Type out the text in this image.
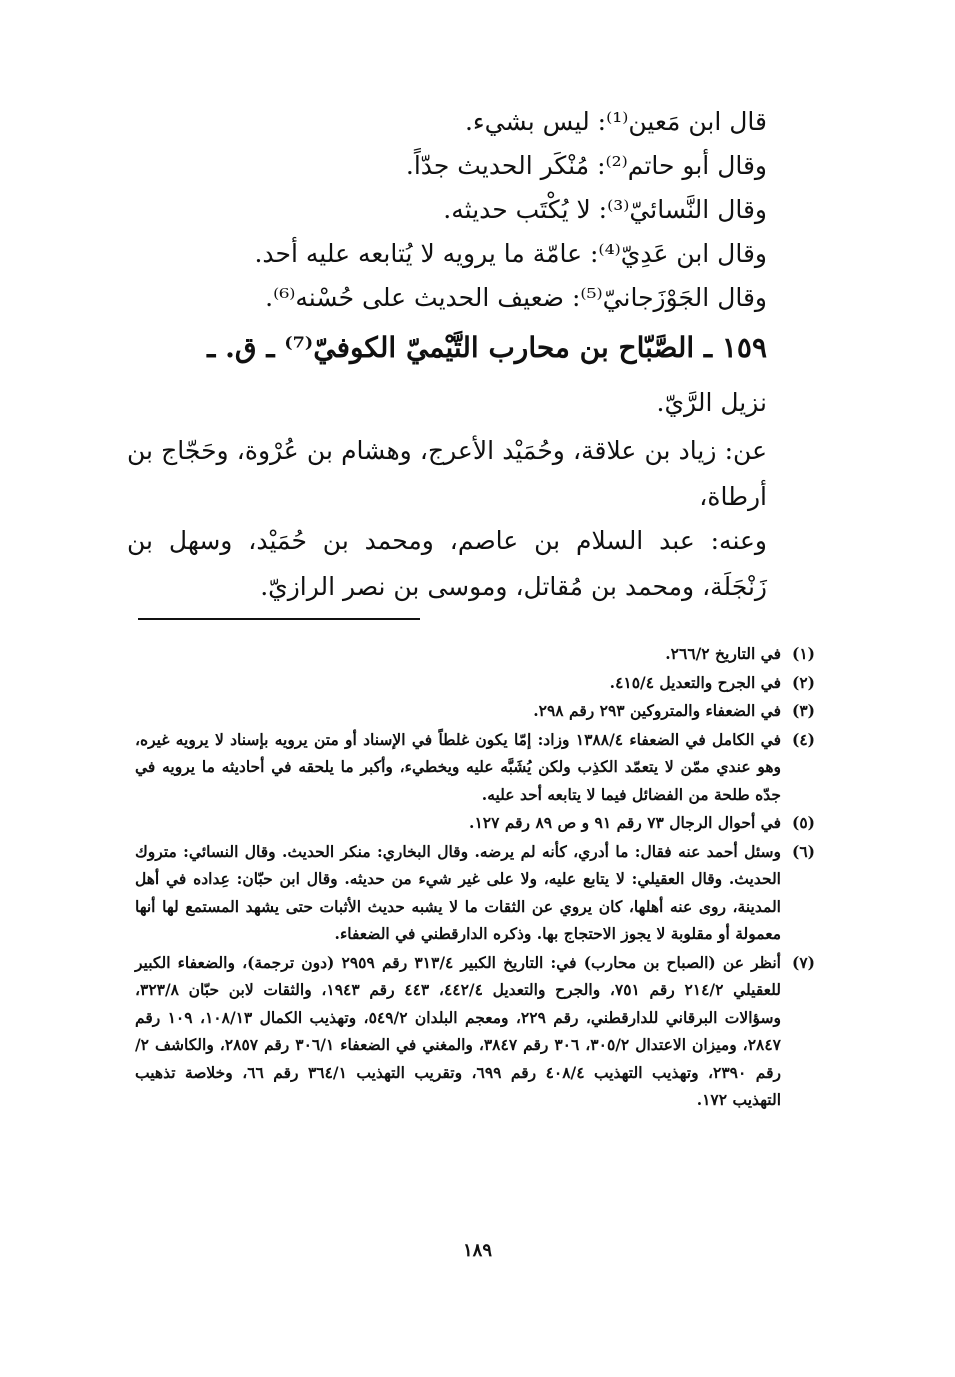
قال ابن مَعين⁽¹⁾: ليس بشيء.
وقال أبو حاتم⁽²⁾: مُنْكَر الحديث جدّاً.
وقال النَّسائيّ⁽³⁾: لا يُكْتَب حديثه.
وقال ابن عَدِيّ⁽⁴⁾: عامّة ما يرويه لا يُتابعه عليه أحد.
وقال الجَوْزَجانيّ⁽⁵⁾: ضعيف الحديث على حُسْنه⁽⁶⁾.
١٥٩ ـ الصَّبّاح بن محارب التَّيْميّ الكوفيّ⁽⁷⁾ ـ ق. ـ
نزيل الرَّيّ.
عن: زياد بن علاقة، وحُمَيْد الأعرج، وهشام بن عُرْوة، وحَجّاج بن أرطاة،
وعنه: عبد السلام بن عاصم، ومحمد بن حُمَيْد، وسهل بن زَنْجَلَة، ومحمد بن مُقاتل، وموسى بن نصر الرازيّ.
(١)
في التاريخ ٢٦٦/٢.
(٢)
في الجرح والتعديل ٤١٥/٤.
(٣)
في الضعفاء والمتروكين ٢٩٣ رقم ٢٩٨.
(٤)
في الكامل في الضعفاء ١٣٨٨/٤ وزاد: إمّا يكون غلطاً في الإسناد أو متن يرويه بإسناد لا يرويه غيره، وهو عندي ممّن لا يتعمّد الكذِب ولكن يُشَبَّه عليه ويخطيء، وأكبر ما يلحقه في أحاديثه ما يرويه في جدّه طلحة من الفضائل فيما لا يتابعه أحد عليه.
(٥)
في أحوال الرجال ٧٣ رقم ٩١ و ص ٨٩ رقم ١٢٧.
(٦)
وسئل أحمد عنه فقال: ما أدري، كأنه لم يرضه. وقال البخاري: منكر الحديث. وقال النسائي: متروك الحديث. وقال العقيلي: لا يتابع عليه، ولا على غير شيء من حديثه. وقال ابن حبّان: عِداده في أهل المدينة، روى عنه أهلها، كان يروي عن الثقات ما لا يشبه حديث الأثبات حتى يشهد المستمع لها أنها معمولة أو مقلوبة لا يجوز الاحتجاج بها. وذكره الدارقطني في الضعفاء.
(٧)
أنظر عن (الصباح بن محارب) في: التاريخ الكبير ٣١٣/٤ رقم ٢٩٥٩ (دون ترجمة)، والضعفاء الكبير للعقيلي ٢١٤/٢ رقم ٧٥١، والجرح والتعديل ٤٤٢/٤، ٤٤٣ رقم ١٩٤٣، والثقات لابن حبّان ٣٢٣/٨، وسؤالات البرقاني للدارقطني، رقم ٢٢٩، ومعجم البلدان ٥٤٩/٢، وتهذيب الكمال ١٠٨/١٣، ١٠٩ رقم ٢٨٤٧، وميزان الاعتدال ٣٠٥/٢، ٣٠٦ رقم ٣٨٤٧، والمغني في الضعفاء ٣٠٦/١ رقم ٢٨٥٧، والكاشف ٢/ رقم ٢٣٩٠، وتهذيب التهذيب ٤٠٨/٤ رقم ٦٩٩، وتقريب التهذيب ٣٦٤/١ رقم ٦٦، وخلاصة تذهيب التهذيب ١٧٢.
١٨٩
